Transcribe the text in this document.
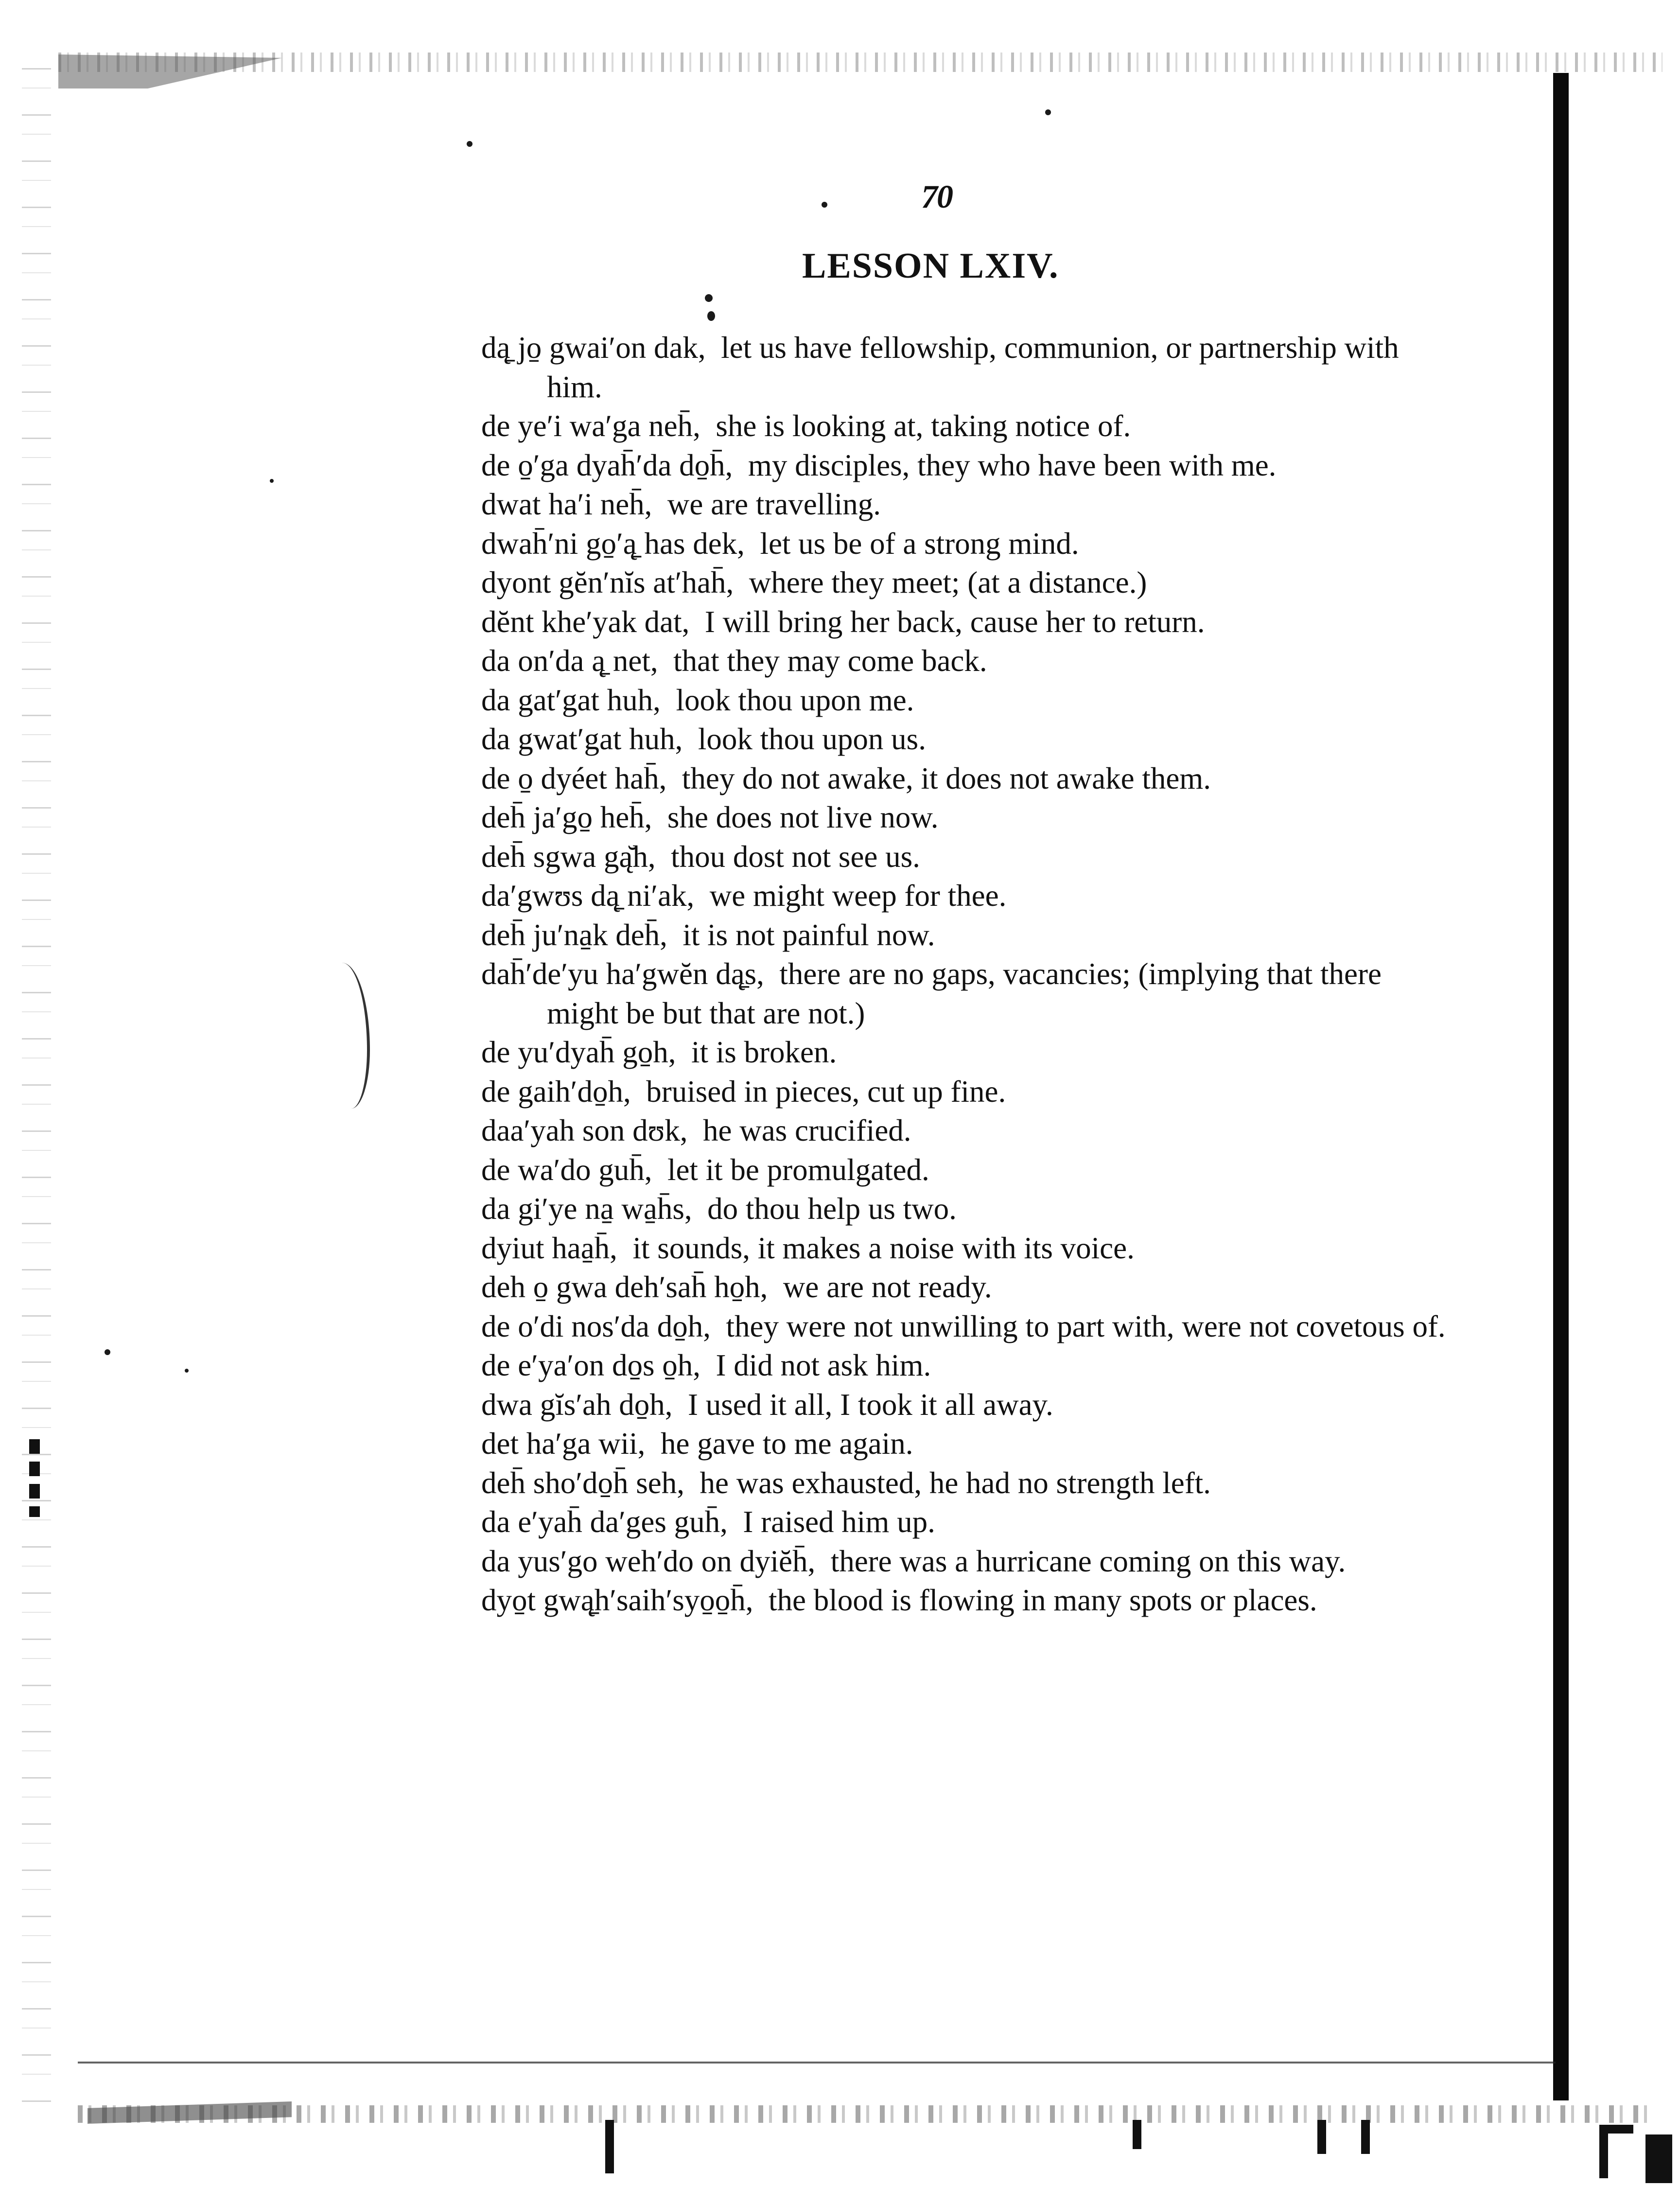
70
LESSON LXIV.
dą̱ jo̱ gwai′on dak, let us have fellowship, communion, or partnership with him.
de ye′i wa′ga neh̄, she is looking at, taking notice of.
de o̱′ga dyah̄′da do̱h̄, my disciples, they who have been with me.
dwat ha′i neh̄, we are travelling.
dwah̄′ni go̱′ą̱ has dek, let us be of a strong mind.
dyont gĕn′nĭs at′hah̄, where they meet; (at a distance.)
dĕnt khe′yak dat, I will bring her back, cause her to return.
da on′da ą̱ net, that they may come back.
da gat′gat huh, look thou upon me.
da gwat′gat huh, look thou upon us.
de o̱ dyéet hah̄, they do not awake, it does not awake them.
deh̄ ja′go̱ heh̄, she does not live now.
deh̄ sgwa gą̆h, thou dost not see us.
da′gwʊs dą̱ ni′ak, we might weep for thee.
deh̄ ju′na̱k deh̄, it is not painful now.
dah̄′de′yu ha′gwĕn dą̱s, there are no gaps, vacancies; (implying that there might be but that are not.)
de yu′dyah̄ go̱h, it is broken.
de gaih′do̱h, bruised in pieces, cut up fine.
daa′yah son dʊk, he was crucified.
de wa′do guh̄, let it be promulgated.
da gi′ye na̱ wa̱h̄s, do thou help us two.
dyiut haa̱h̄, it sounds, it makes a noise with its voice.
deh o̱ gwa deh′sah̄ ho̱h, we are not ready.
de o′di nos′da do̱h, they were not unwilling to part with, were not covetous of.
de e′ya′on do̱s o̱h, I did not ask him.
dwa gĭs′ah do̱h, I used it all, I took it all away.
det ha′ga wii, he gave to me again.
deh̄ sho′do̱h̄ seh, he was exhausted, he had no strength left.
da e′yah̄ da′ges guh̄, I raised him up.
da yus′go weh′do on dyiĕh̄, there was a hurricane coming on this way.
dyo̱t gwą̱h′saih′syo̱o̱h̄, the blood is flowing in many spots or places.
